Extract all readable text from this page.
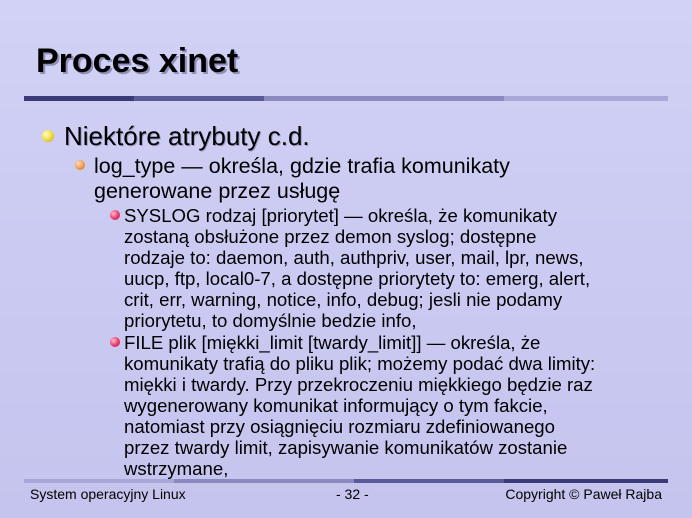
Proces xinet
Niektóre atrybuty c.d.
log_type — określa, gdzie trafia komunikaty
generowane przez usługę
SYSLOG rodzaj [priorytet] — określa, że komunikaty
zostaną obsłużone przez demon syslog; dostępne
rodzaje to: daemon, auth, authpriv, user, mail, lpr, news,
uucp, ftp, local0-7, a dostępne priorytety to: emerg, alert,
crit, err, warning, notice, info, debug; jesli nie podamy
priorytetu, to domyślnie bedzie info,
FILE plik [miękki_limit [twardy_limit]] — określa, że
komunikaty trafią do pliku plik; możemy podać dwa limity:
miękki i twardy. Przy przekroczeniu miękkiego będzie raz
wygenerowany komunikat informujący o tym fakcie,
natomiast przy osiągnięciu rozmiaru zdefiniowanego
przez twardy limit, zapisywanie komunikatów zostanie
wstrzymane,
System operacyjny Linux	- 32 -	Copyright © Paweł Rajba
